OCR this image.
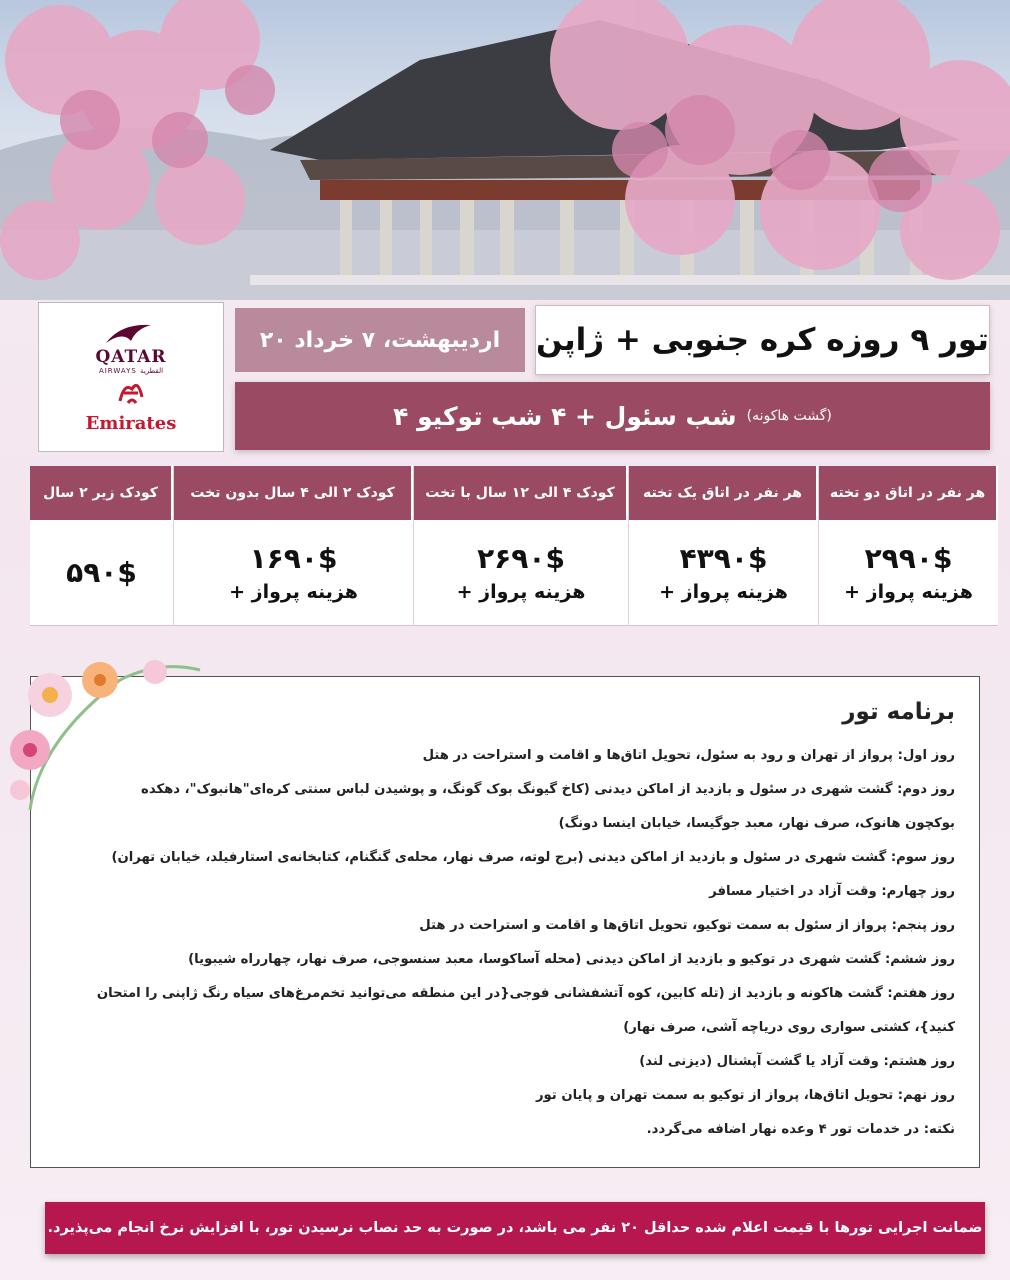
QATAR
AIRWAYS القطرية
Emirates
تور ۹ روزه کره جنوبی + ژاپن
۲۰ اردیبهشت، ۷ خرداد
۴ شب سئول + ۴ شب توکیو (گشت هاکونه)
هر نفر در اتاق دو تخته
۲۹۹۰$
+ هزینه پرواز
هر نفر در اتاق یک تخته
۴۳۹۰$
+ هزینه پرواز
کودک ۴ الی ۱۲ سال با تخت
۲۶۹۰$
+ هزینه پرواز
کودک ۲ الی ۴ سال بدون تخت
۱۶۹۰$
+ هزینه پرواز
کودک زیر ۲ سال
۵۹۰$
برنامه تور
روز اول: پرواز از تهران و رود به سئول، تحویل اتاق‌ها و اقامت و استراحت در هتل
روز دوم: گشت شهری در سئول و بازدید از اماکن دیدنی (کاخ گیونگ بوک گونگ، و پوشیدن لباس سنتی کره‌ای"هانبوک"، دهکده
بوکچون هانوک، صرف نهار، معبد جوگیسا، خیابان اینسا دونگ)
روز سوم: گشت شهری در سئول و بازدید از اماکن دیدنی (برج لوته، صرف نهار، محله‌ی گنگنام، کتابخانه‌ی استارفیلد، خیابان تهران)
روز چهارم: وقت آزاد در اختیار مسافر
روز پنجم: پرواز از سئول به سمت توکیو، تحویل اتاق‌ها و اقامت و استراحت در هتل
روز ششم: گشت شهری در توکیو و بازدید از اماکن دیدنی (محله آساکوسا، معبد سنسوجی، صرف نهار، چهارراه شیبویا)
روز هفتم: گشت هاکونه و بازدید از (تله کابین، کوه آتشفشانی فوجی{در این منطقه می‌توانید تخم‌مرغ‌های سیاه رنگ ژاپنی را امتحان
کنید}، کشتی سواری روی دریاچه آشی، صرف نهار)
روز هشتم: وقت آزاد یا گشت آپشنال (دیزنی لند)
روز نهم: تحویل اتاق‌ها، پرواز از توکیو به سمت تهران و پایان تور
نکته: در خدمات تور ۴ وعده نهار اضافه می‌گردد.
ضمانت اجرایی تورها با قیمت اعلام شده حداقل ۲۰ نفر می باشد، در صورت به حد نصاب نرسیدن تور، با افزایش نرخ انجام می‌پذیرد.
